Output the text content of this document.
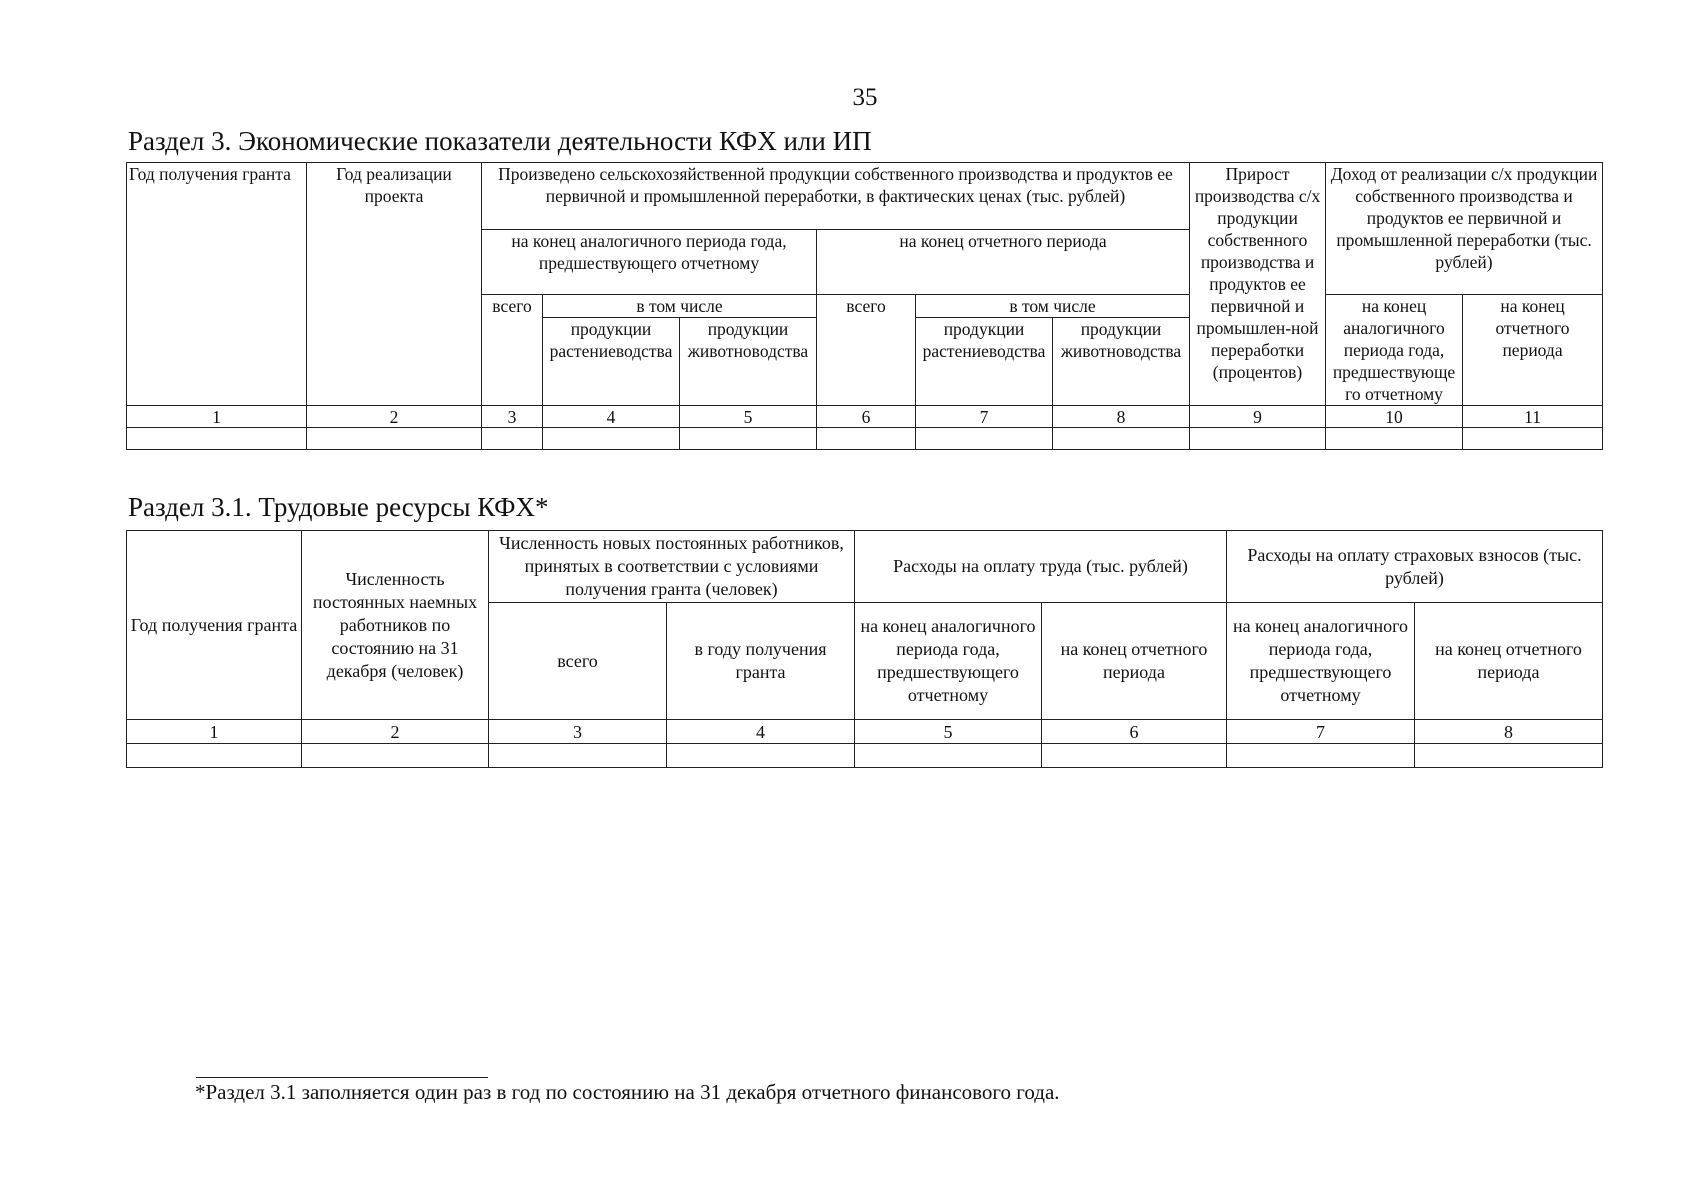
35
Раздел 3. Экономические показатели деятельности КФХ или ИП
Год получения гранта	Год реализации проекта	Произведено сельскохозяйственной продукции собственного производства и продуктов ее первичной и промышленной переработки, в фактических ценах (тыс. рублей)						Прирост производства с/х продукции собственного производства и продуктов ее первичной и промышлен-ной переработки (процентов)	Доход от реализации с/х продукции собственного производства и продуктов ее первичной и промышленной переработки (тыс. рублей)	
		на конец аналогичного периода года, предшествующего отчетному			на конец отчетного периода					
		всего	в том числе		всего	в том числе			на конец аналогичного периода года, предшествующе го отчетному	на конец отчетного периода
			продукции растениеводства	продукции животноводства		продукции растениеводства	продукции животноводства			
1	2	3	4	5	6	7	8	9	10	11

Раздел 3.1. Трудовые ресурсы КФХ*
Год получения гранта	Численность постоянных наемных работников по состоянию на 31 декабря (человек)	Численность новых постоянных работников, принятых в соответствии с условиями получения гранта (человек)		Расходы на оплату труда (тыс. рублей)		Расходы на оплату страховых взносов (тыс. рублей)	
		всего	в году получения гранта	на конец аналогичного периода года, предшествующего отчетному	на конец отчетного периода	на конец аналогичного периода года, предшествующего отчетному	на конец отчетного периода
1	2	3	4	5	6	7	8

*Раздел 3.1 заполняется один раз в год по состоянию на 31 декабря отчетного финансового года.
